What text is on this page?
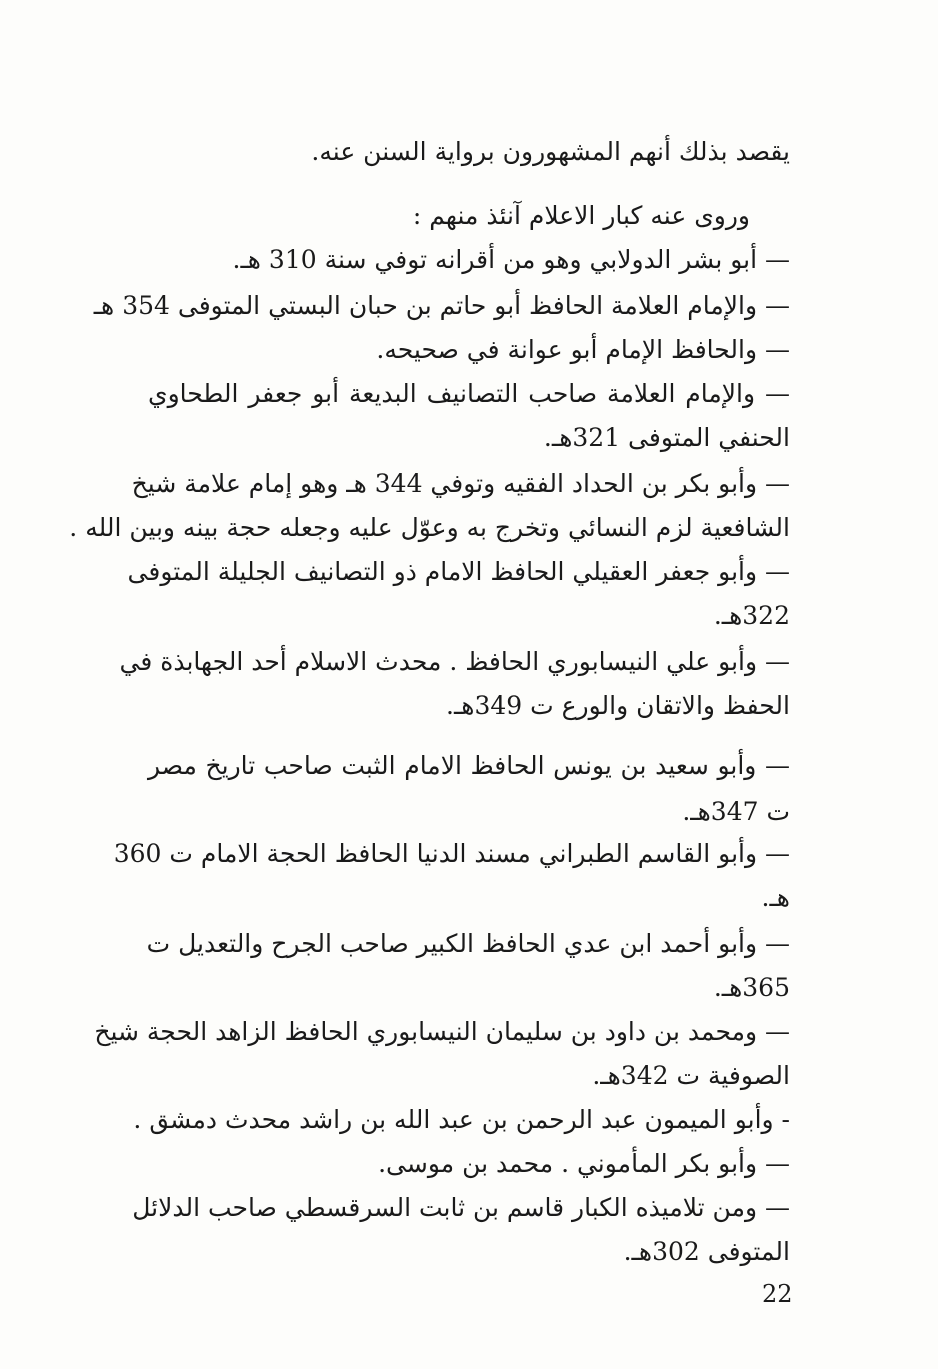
يقصد بذلك أنهم المشهورون برواية السنن عنه.
وروى عنه كبار الاعلام آنئذ منهم :
— أبو بشر الدولابي وهو من أقرانه توفي سنة 310 هـ.
— والإمام العلامة الحافظ أبو حاتم بن حبان البستي المتوفى 354 هـ
— والحافظ الإمام أبو عوانة في صحيحه.
— والإمام العلامة صاحب التصانيف البديعة أبو جعفر الطحاوي
الحنفي المتوفى 321هـ.
— وأبو بكر بن الحداد الفقيه وتوفي 344 هـ وهو إمام علامة شيخ
الشافعية لزم النسائي وتخرج به وعوّل عليه وجعله حجة بينه وبين الله .
— وأبو جعفر العقيلي الحافظ الامام ذو التصانيف الجليلة المتوفى
322هـ.
— وأبو علي النيسابوري الحافظ . محدث الاسلام أحد الجهابذة في
الحفظ والاتقان والورع ت 349هـ.
— وأبو سعيد بن يونس الحافظ الامام الثبت صاحب تاريخ مصر
ت 347هـ.
— وأبو القاسم الطبراني مسند الدنيا الحافظ الحجة الامام ت 360
هـ.
— وأبو أحمد ابن عدي الحافظ الكبير صاحب الجرح والتعديل ت
365هـ.
— ومحمد بن داود بن سليمان النيسابوري الحافظ الزاهد الحجة شيخ
الصوفية ت 342هـ.
- وأبو الميمون عبد الرحمن بن عبد الله بن راشد محدث دمشق .
— وأبو بكر المأموني . محمد بن موسى.
— ومن تلاميذه الكبار قاسم بن ثابت السرقسطي صاحب الدلائل
المتوفى 302هـ.
22
